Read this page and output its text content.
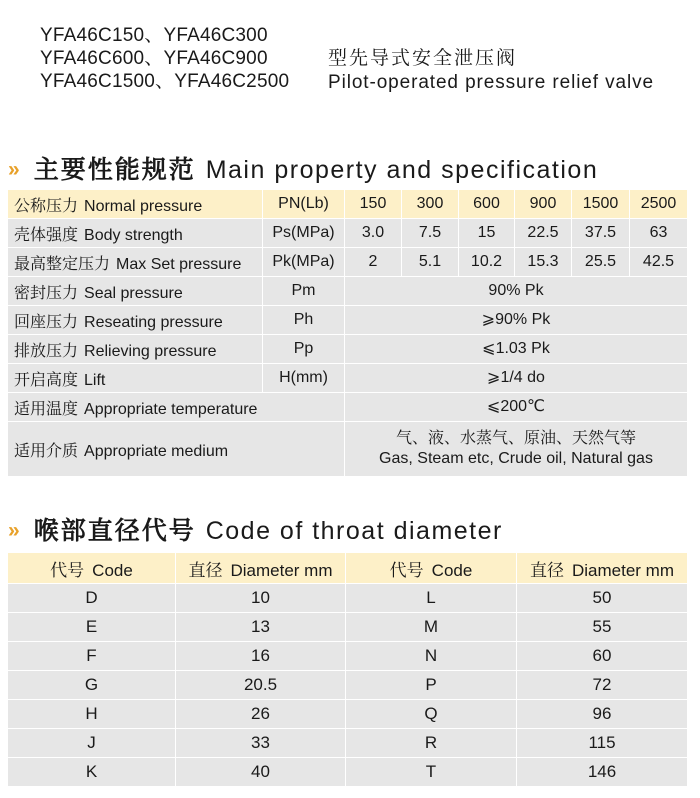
YFA46C150、YFA46C300
YFA46C600、YFA46C900
YFA46C1500、YFA46C2500
型先导式安全泄压阀
Pilot-operated pressure relief valve
» 主要性能规范 Main property and specification
公称压力 Normal pressure	PN(Lb)	150	300	600	900	1500	2500
壳体强度 Body strength	Ps(MPa)	3.0	7.5	15	22.5	37.5	63
最高整定压力 Max Set pressure	Pk(MPa)	2	5.1	10.2	15.3	25.5	42.5
密封压力 Seal pressure	Pm	90% Pk					
回座压力 Reseating pressure	Ph	⩾90% Pk					
排放压力 Relieving pressure	Pp	⩽1.03 Pk					
开启高度 Lift	H(mm)	⩾1/4 do					
适用温度 Appropriate temperature		⩽200℃					
适用介质 Appropriate medium		气、液、水蒸气、原油、天然气等
Gas, Steam etc, Crude oil, Natural gas					
» 喉部直径代号 Code of throat diameter
代号 Code	直径 Diameter mm	代号 Code	直径 Diameter mm
D	10	L	50
E	13	M	55
F	16	N	60
G	20.5	P	72
H	26	Q	96
J	33	R	115
K	40	T	146
